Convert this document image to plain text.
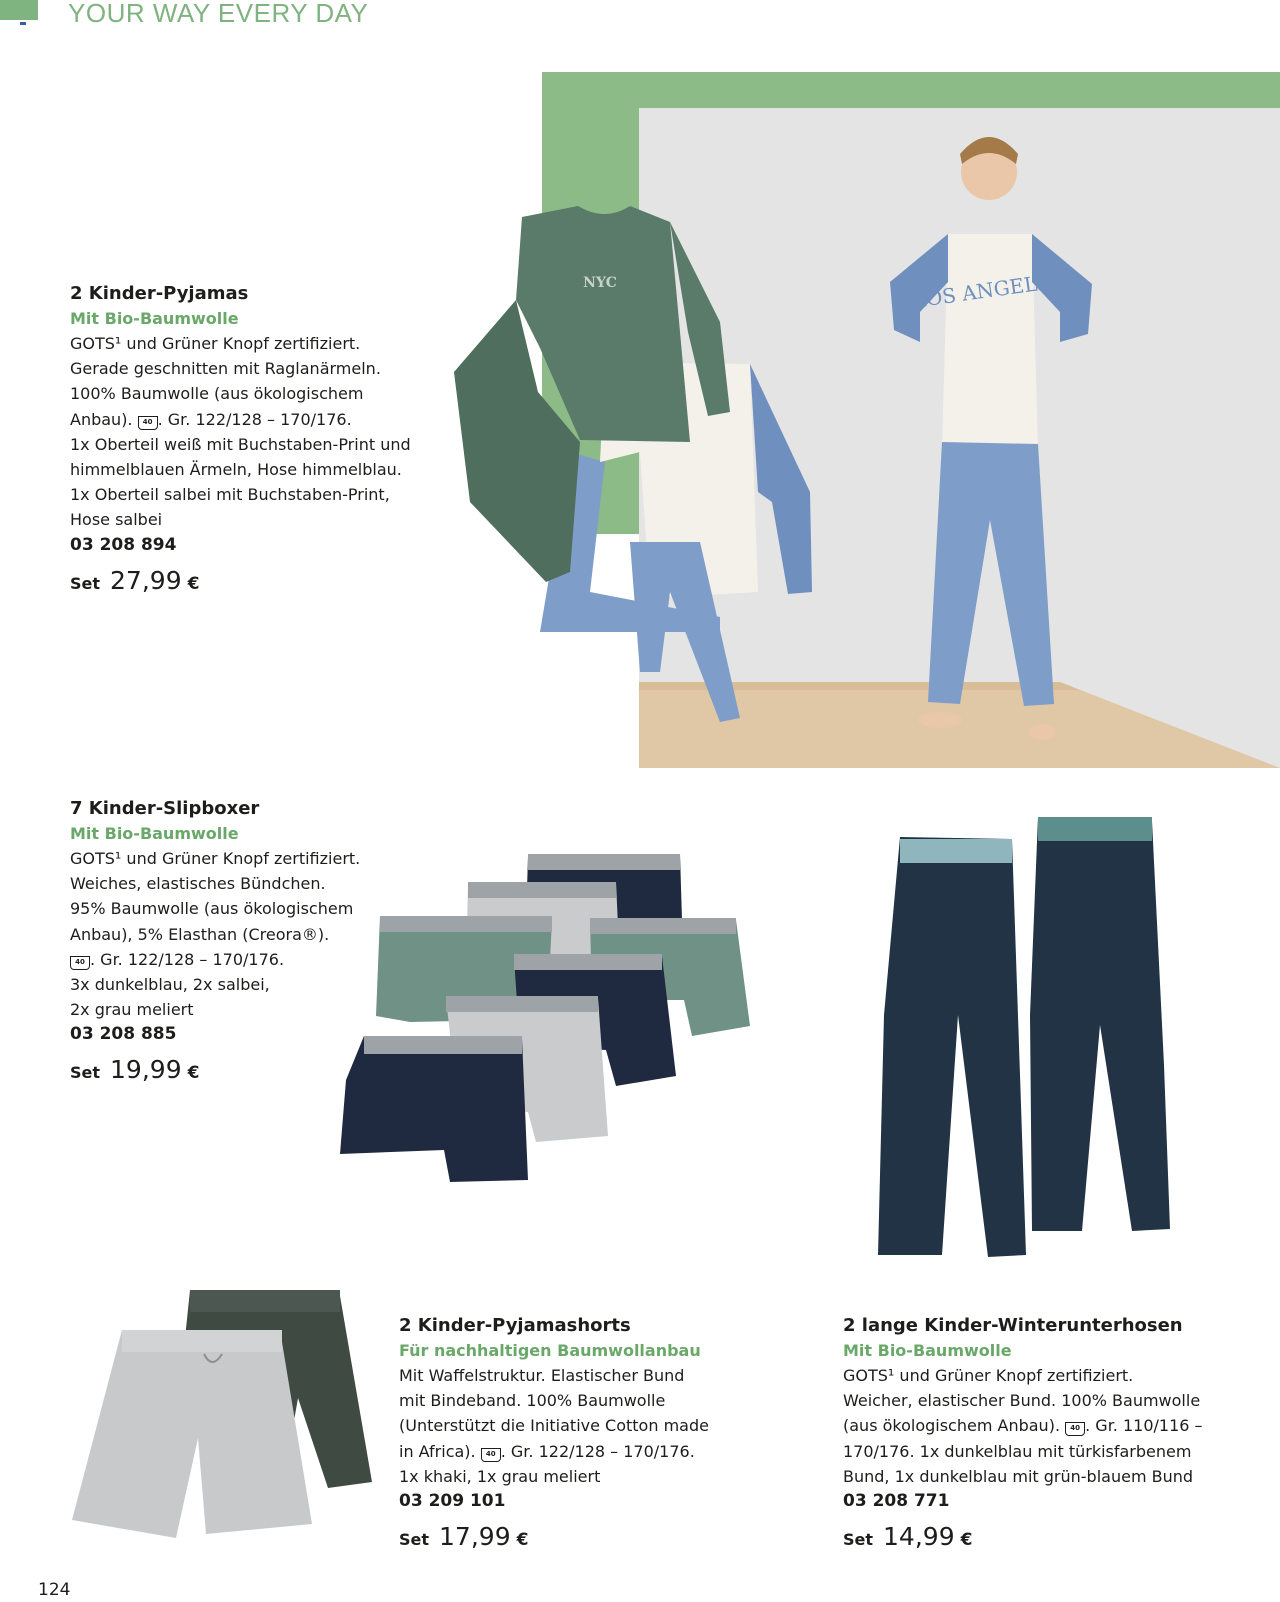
YOUR WAY EVERY DAY
LOS ANGELES
NYC
2 Kinder-Pyjamas
Mit Bio-Baumwolle
GOTS¹ und Grüner Knopf zertifiziert.
Gerade geschnitten mit Raglanärmeln.
100% Baumwolle (aus ökologischem
Anbau). 40 . Gr. 122/128 – 170/176.
1x Oberteil weiß mit Buchstaben-Print und
himmelblauen Ärmeln, Hose himmelblau.
1x Oberteil salbei mit Buchstaben-Print,
Hose salbei
03 208 894
Set 27,99 €
7 Kinder-Slipboxer
Mit Bio-Baumwolle
GOTS¹ und Grüner Knopf zertifiziert.
Weiches, elastisches Bündchen.
95% Baumwolle (aus ökologischem
Anbau), 5% Elasthan (Creora®).
40 . Gr. 122/128 – 170/176.
3x dunkelblau, 2x salbei,
2x grau meliert
03 208 885
Set 19,99 €
2 Kinder-Pyjamashorts
Für nachhaltigen Baumwollanbau
Mit Waffelstruktur. Elastischer Bund
mit Bindeband. 100% Baumwolle
(Unterstützt die Initiative Cotton made
in Africa). 40 . Gr. 122/128 – 170/176.
1x khaki, 1x grau meliert
03 209 101
Set 17,99 €
2 lange Kinder-Winterunterhosen
Mit Bio-Baumwolle
GOTS¹ und Grüner Knopf zertifiziert.
Weicher, elastischer Bund. 100% Baumwolle
(aus ökologischem Anbau). 40 . Gr. 110/116 –
170/176. 1x dunkelblau mit türkisfarbenem
Bund, 1x dunkelblau mit grün-blauem Bund
03 208 771
Set 14,99 €
124
